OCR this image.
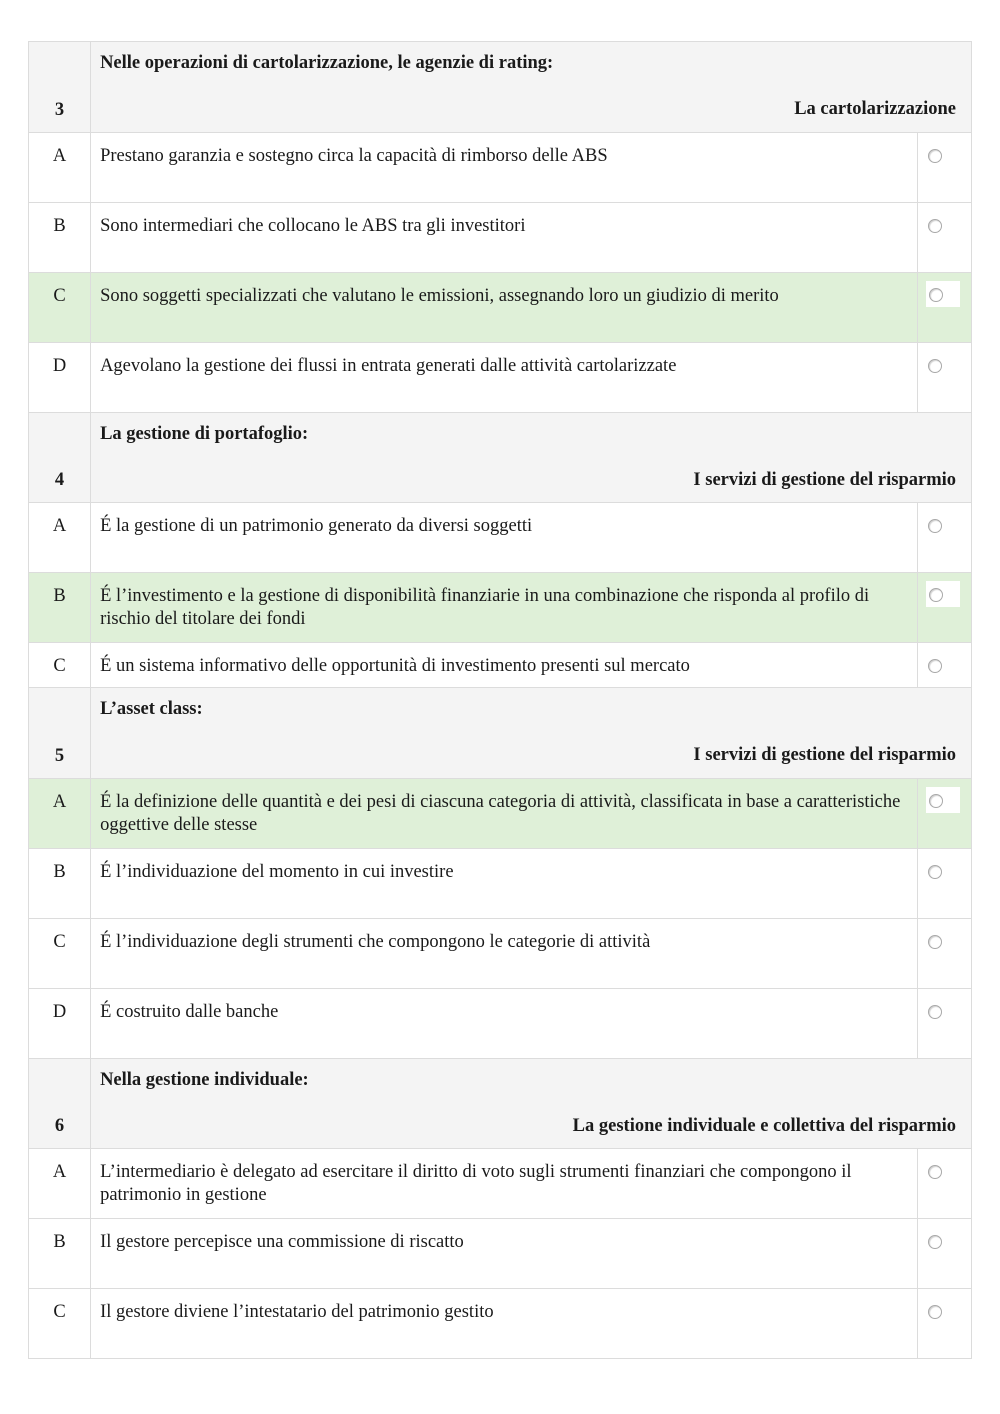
3	Nelle operazioni di cartolarizzazione, le agenzie di rating:
La cartolarizzazione	

A	Prestano garanzia e sostegno circa la capacità di rimborso delle ABS	
B	Sono intermediari che collocano le ABS tra gli investitori	
C	Sono soggetti specializzati che valutano le emissioni, assegnando loro un giudizio di merito	

D	Agevolano la gestione dei flussi in entrata generati dalle attività cartolarizzate	
4	La gestione di portafoglio:
I servizi di gestione del risparmio	

A	É la gestione di un patrimonio generato da diversi soggetti	
B	É l’investimento e la gestione di disponibilità finanziarie in una combinazione che risponda al profilo di rischio del titolare dei fondi	

C	É un sistema informativo delle opportunità di investimento presenti sul mercato	

5	L’asset class:
I servizi di gestione del risparmio	

A	É la definizione delle quantità e dei pesi di ciascuna categoria di attività, classificata in base a caratteristiche oggettive delle stesse	

B	É l’individuazione del momento in cui investire	
C	É l’individuazione degli strumenti che compongono le categorie di attività	
D	É costruito dalle banche	
6	Nella gestione individuale:
La gestione individuale e collettiva del risparmio	

A	L’intermediario è delegato ad esercitare il diritto di voto sugli strumenti finanziari che compongono il patrimonio in gestione	
B	Il gestore percepisce una commissione di riscatto	
C	Il gestore diviene l’intestatario del patrimonio gestito	
